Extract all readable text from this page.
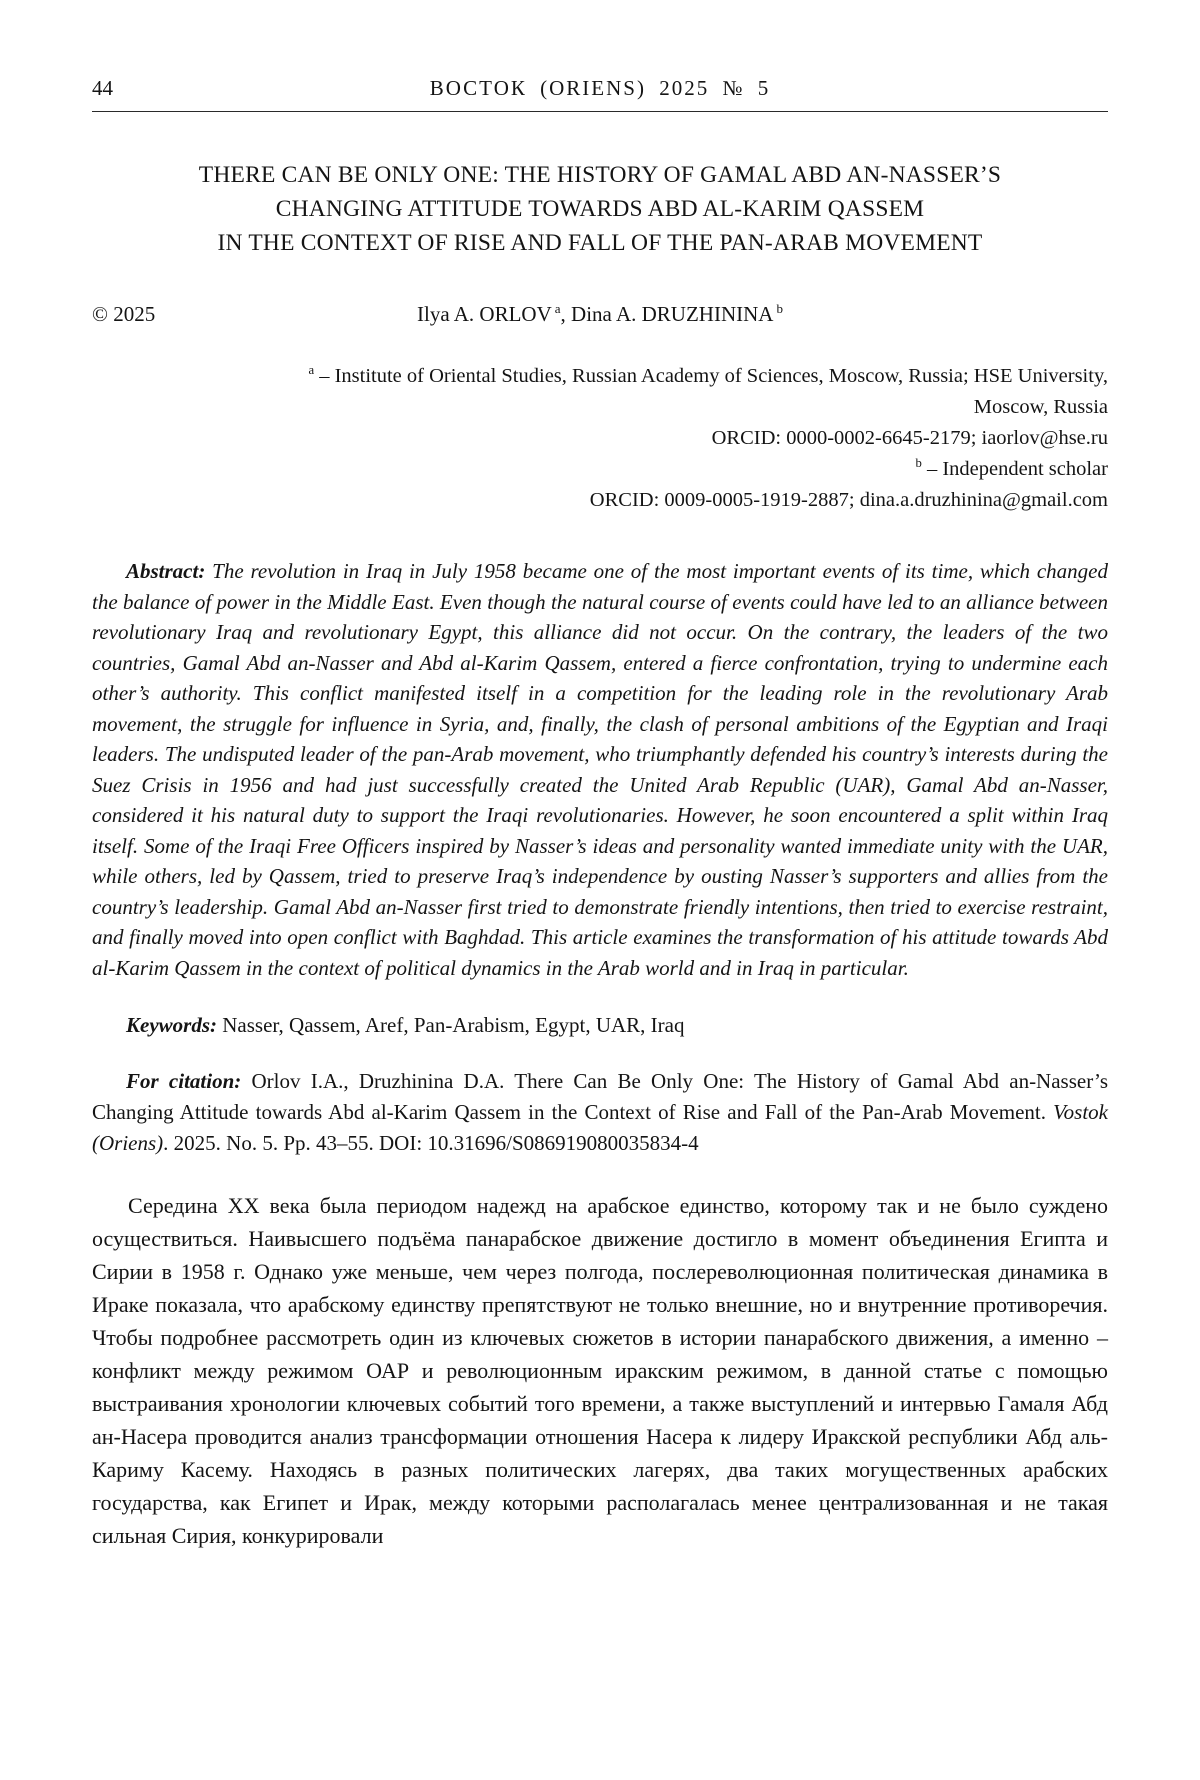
44	ВОСТОК (ORIENS) 2025 № 5
THERE CAN BE ONLY ONE: THE HISTORY OF GAMAL ABD AN-NASSER’S
CHANGING ATTITUDE TOWARDS ABD AL-KARIM QASSEM
IN THE CONTEXT OF RISE AND FALL OF THE PAN-ARAB MOVEMENT
© 2025	Ilya A. ORLOV $^a$, Dina A. DRUZHININA $^b$
$^a$ – Institute of Oriental Studies, Russian Academy of Sciences, Moscow, Russia; HSE University,
Moscow, Russia
ORCID: 0000-0002-6645-2179; iaorlov@hse.ru
$^b$ – Independent scholar
ORCID: 0009-0005-1919-2887; dina.a.druzhinina@gmail.com

Abstract: The revolution in Iraq in July 1958 became one of the most important events of its time, which changed the balance of power in the Middle East. Even though the natural course of events could have led to an alliance between revolutionary Iraq and revolutionary Egypt, this alliance did not occur. On the contrary, the leaders of the two countries, Gamal Abd an-Nasser and Abd al-Karim Qassem, entered a fierce confrontation, trying to undermine each other’s authority. This conflict manifested itself in a competition for the leading role in the revolutionary Arab movement, the struggle for influence in Syria, and, finally, the clash of personal ambitions of the Egyptian and Iraqi leaders. The undisputed leader of the pan-Arab movement, who triumphantly defended his country’s interests during the Suez Crisis in 1956 and had just successfully created the United Arab Republic (UAR), Gamal Abd an-Nasser, considered it his natural duty to support the Iraqi revolutionaries. However, he soon encountered a split within Iraq itself. Some of the Iraqi Free Officers inspired by Nasser’s ideas and personality wanted immediate unity with the UAR, while others, led by Qassem, tried to preserve Iraq’s independence by ousting Nasser’s supporters and allies from the country’s leadership. Gamal Abd an-Nasser first tried to demonstrate friendly intentions, then tried to exercise restraint, and finally moved into open conflict with Baghdad. This article examines the transformation of his attitude towards Abd al-Karim Qassem in the context of political dynamics in the Arab world and in Iraq in particular.

Keywords: Nasser, Qassem, Aref, Pan-Arabism, Egypt, UAR, Iraq

For citation: Orlov I.A., Druzhinina D.A. There Can Be Only One: The History of Gamal Abd an-Nasser’s Changing Attitude towards Abd al-Karim Qassem in the Context of Rise and Fall of the Pan-Arab Movement. Vostok (Oriens). 2025. No. 5. Pp. 43–55. DOI: 10.31696/S086919080035834-4

Середина XX века была периодом надежд на арабское единство, которому так и не было суждено осуществиться. Наивысшего подъёма панарабское движение достигло в момент объединения Египта и Сирии в 1958 г. Однако уже меньше, чем через полгода, послереволюционная политическая динамика в Ираке показала, что арабскому единству препятствуют не только внешние, но и внутренние противоречия. Чтобы подробнее рассмотреть один из ключевых сюжетов в истории панарабского движения, а именно – конфликт между режимом ОАР и революционным иракским режимом, в данной статье с помощью выстраивания хронологии ключевых событий того времени, а также выступлений и интервью Гамаля Абд ан-Насера проводится анализ трансформации отношения Насера к лидеру Иракской республики Абд аль-Кариму Касему. Находясь в разных политических лагерях, два таких могущественных арабских государства, как Египет и Ирак, между которыми располагалась менее централизованная и не такая сильная Сирия, конкурировали
